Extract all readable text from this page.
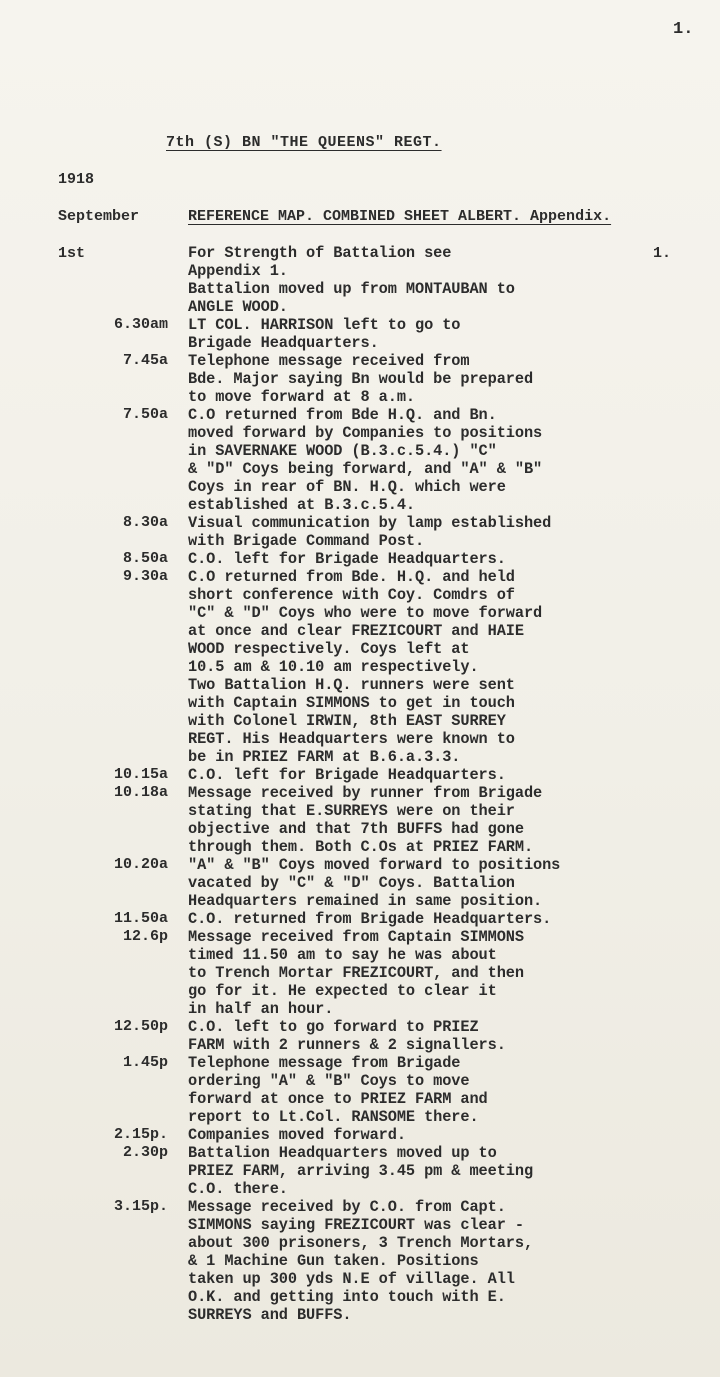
1.
7th (S) BN "THE QUEENS" REGT.
1918
September	REFERENCE MAP. COMBINED SHEET ALBERT. Appendix.
1st	1.
For Strength of Battalion see
Appendix 1.
Battalion moved up from MONTAUBAN to
ANGLE WOOD.
6.30am LT COL. HARRISON left to go to
Brigade Headquarters.
7.45a Telephone message received from
Bde. Major saying Bn would be prepared
to move forward at 8 a.m.
7.50a C.O returned from Bde H.Q. and Bn.
moved forward by Companies to positions
in SAVERNAKE WOOD (B.3.c.5.4.) "C"
& "D" Coys being forward, and "A" & "B"
Coys in rear of BN. H.Q. which were
established at B.3.c.5.4.
8.30a Visual communication by lamp established
with Brigade Command Post.
8.50a C.O. left for Brigade Headquarters.
9.30a C.O returned from Bde. H.Q. and held
short conference with Coy. Comdrs of
"C" & "D" Coys who were to move forward
at once and clear FREZICOURT and HAIE
WOOD respectively. Coys left at
10.5 am & 10.10 am respectively.
Two Battalion H.Q. runners were sent
with Captain SIMMONS to get in touch
with Colonel IRWIN, 8th EAST SURREY
REGT. His Headquarters were known to
be in PRIEZ FARM at B.6.a.3.3.
10.15a C.O. left for Brigade Headquarters.
10.18a Message received by runner from Brigade
stating that E.SURREYS were on their
objective and that 7th BUFFS had gone
through them. Both C.Os at PRIEZ FARM.
10.20a "A" & "B" Coys moved forward to positions
vacated by "C" & "D" Coys. Battalion
Headquarters remained in same position.
11.50a C.O. returned from Brigade Headquarters.
12.6p Message received from Captain SIMMONS
timed 11.50 am to say he was about
to Trench Mortar FREZICOURT, and then
go for it. He expected to clear it
in half an hour.
12.50p C.O. left to go forward to PRIEZ
FARM with 2 runners & 2 signallers.
1.45p Telephone message from Brigade
ordering "A" & "B" Coys to move
forward at once to PRIEZ FARM and
report to Lt.Col. RANSOME there.
2.15p. Companies moved forward.
2.30p Battalion Headquarters moved up to
PRIEZ FARM, arriving 3.45 pm & meeting
C.O. there.
3.15p. Message received by C.O. from Capt.
SIMMONS saying FREZICOURT was clear -
about 300 prisoners, 3 Trench Mortars,
& 1 Machine Gun taken. Positions
taken up 300 yds N.E of village. All
O.K. and getting into touch with E.
SURREYS and BUFFS.
